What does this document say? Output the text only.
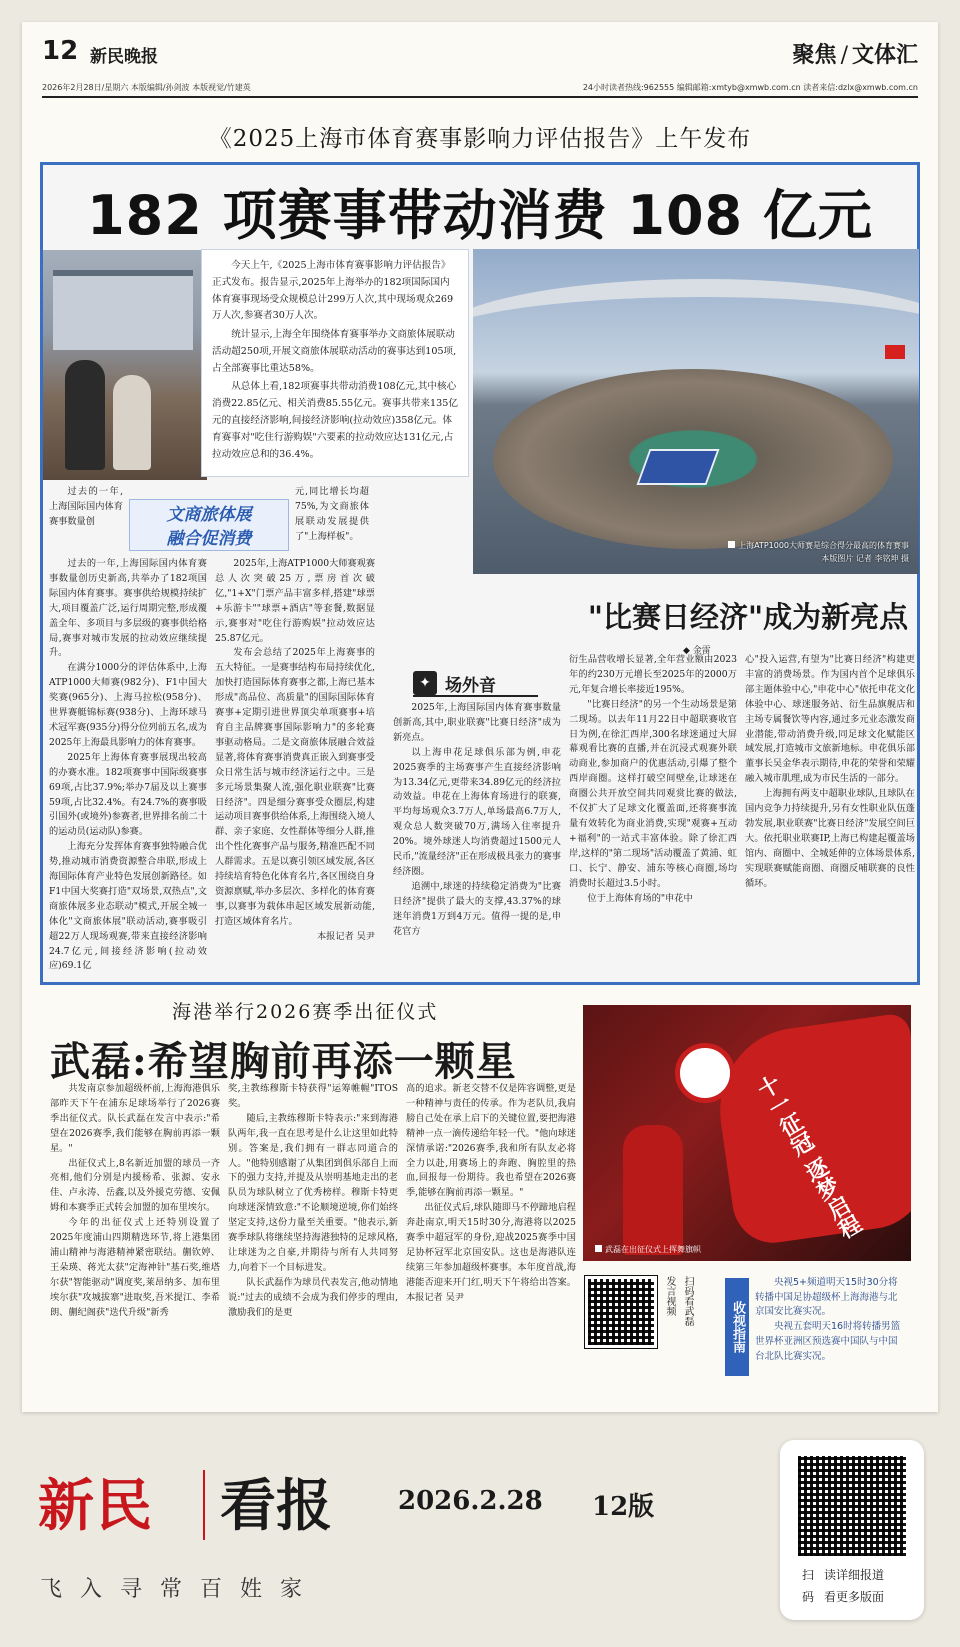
12 新民晚报	聚焦 / 文体汇
2026年2月28日/星期六 本版编辑/孙剑波 本版视觉/竹建英	24小时读者热线:962555 编辑邮箱:xmtyb@xmwb.com.cn 读者来信:dzlx@xmwb.com.cn
《2025上海市体育赛事影响力评估报告》上午发布
182 项赛事带动消费 108 亿元

今天上午,《2025上海市体育赛事影响力评估报告》正式发布。报告显示,2025年上海举办的182项国际国内体育赛事现场受众规模总计299万人次,其中现场观众269万人次,参赛者30万人次。

统计显示,上海全年围绕体育赛事举办文商旅体展联动活动超250项,开展文商旅体展联动活动的赛事达到105项,占全部赛事比重达58%。

从总体上看,182项赛事共带动消费108亿元,其中核心消费22.85亿元、相关消费85.55亿元。赛事共带来135亿元的直接经济影响,间接经济影响(拉动效应)358亿元。体育赛事对"吃住行游购娱"六要素的拉动效应达131亿元,占拉动效应总和的36.4%。

上海ATP1000大师赛是综合得分最高的体育赛事
本版图片 记者 李铭坤 摄
文商旅体展
融合促消费

过去的一年,上海国际国内体育赛事数量创

过去的一年,上海国际国内体育赛事数量创历史新高,共举办了182项国际国内体育赛事。赛事供给规模持续扩大,项目覆盖广泛,运行周期完整,形成覆盖全年、多项目与多层级的赛事供给格局,赛事对城市发展的拉动效应继续提升。

在满分1000分的评估体系中,上海ATP1000大师赛(982分)、F1中国大奖赛(965分)、上海马拉松(958分)、世界赛艇锦标赛(938分)、上海环球马术冠军赛(935分)得分位列前五名,成为2025年上海最具影响力的体育赛事。

2025年上海体育赛事展现出较高的办赛水准。182项赛事中国际级赛事69项,占比37.9%;举办7届及以上赛事59项,占比32.4%。有24.7%的赛事吸引国外(或境外)参赛者,世界排名前二十的运动员(运动队)参赛。

上海充分发挥体育赛事独特融合优势,推动城市消费资源整合串联,形成上海国际体育产业特色发展创新路径。如F1中国大奖赛打造"双场景,双热点",文商旅体展多业态联动"模式,开展全城一体化"文商旅体展"联动活动,赛事吸引超22万人现场观赛,带来直接经济影响24.7亿元,间接经济影响(拉动效应)69.1亿

元,同比增长均超75%,为文商旅体展联动发展提供了"上海样板"。

2025年,上海ATP1000大师赛观赛总人次突破25万,票房首次破亿,"1+X"门票产品丰富多样,搭建"球票+乐游卡""球票+酒店"等套餐,数据显示,赛事对"吃住行游购娱"拉动效应达25.87亿元。

发布会总结了2025年上海赛事的五大特征。一是赛事结构布局持续优化,加快打造国际体育赛事之都,上海已基本形成"高品位、高质量"的国际国际体育赛事+定期引进世界顶尖单项赛事+培育自主品牌赛事国际影响力"的多轮赛事驱动格局。二是文商旅体展融合效益显著,将体育赛事消费真正嵌入到赛事受众日常生活与城市经济运行之中。三是多元场景集聚人流,强化职业联赛"比赛日经济"。四是细分赛事受众圈层,构建运动项目赛事供给体系,上海围绕入境人群、亲子家庭、女性群体等细分人群,推出个性化赛事产品与服务,精准匹配不同人群需求。五是以赛引领区域发展,各区持续培育特色化体育名片,各区围绕自身资源禀赋,举办多层次、多样化的体育赛事,以赛事为载体串起区域发展新动能,打造区域体育名片。

本报记者 吴尹

"比赛日经济"成为新亮点
◆ 金雷
✦ 场外音

2025年,上海国际国内体育赛事数量创新高,其中,职业联赛"比赛日经济"成为新亮点。

以上海申花足球俱乐部为例,申花2025赛季的主场赛事产生直接经济影响为13.34亿元,更带来34.89亿元的经济拉动效益。申花在上海体育场进行的联赛,平均每场观众3.7万人,单场最高6.7万人,观众总人数突破70万,满场入住率提升20%。境外球迷人均消费超过1500元人民币,"流量经济"正在形成极具张力的赛事经济圈。

追溯中,球迷的持续稳定消费为"比赛日经济"提供了最大的支撑,43.37%的球迷年消费1万到4万元。值得一提的是,申花官方

衍生品营收增长显著,全年营业额由2023年的约230万元增长至2025年的2000万元,年复合增长率接近195%。

"比赛日经济"的另一个生动场景是第二现场。以去年11月22日中超联赛收官日为例,在徐汇西岸,300名球迷通过大屏幕观看比赛的直播,并在沉浸式观赛外联动商业,参加商户的优惠活动,引爆了整个西岸商圈。这样打破空间壁垒,让球迷在商圈公共开放空间共同观赏比赛的做法,不仅扩大了足球文化覆盖面,还将赛事流量有效转化为商业消费,实现"观赛+互动+福利"的一站式丰富体验。除了徐汇西岸,这样的"第二现场"活动覆盖了黄浦、虹口、长宁、静安、浦东等核心商圈,场均消费时长超过3.5小时。

位于上海体育场的"申花中

心"投入运营,有望为"比赛日经济"构建更丰富的消费场景。作为国内首个足球俱乐部主题体验中心,"申花中心"依托申花文化体验中心、球迷服务站、衍生品旗舰店和主场专属餐饮等内容,通过多元业态激发商业潜能,带动消费升级,同足球文化赋能区域发展,打造城市文旅新地标。申花俱乐部董事长吴金华表示期待,申花的荣誉和荣耀融入城市肌理,成为市民生活的一部分。

上海拥有两支中超职业球队,且球队在国内竞争力持续提升,另有女性职业队伍蓬勃发展,职业联赛"比赛日经济"发展空间巨大。依托职业联赛IP,上海已构建起覆盖场馆内、商圈中、全城延伸的立体场景体系,实现联赛赋能商圈、商圈反哺联赛的良性循环。

海港举行2026赛季出征仪式
武磊:希望胸前再添一颗星
十一征冠 逐梦启程
武磊在出征仪式上挥舞旗帜

共发南京参加超级杯前,上海海港俱乐部昨天下午在浦东足球场举行了2026赛季出征仪式。队长武磊在发言中表示:"希望在2026赛季,我们能够在胸前再添一颗星。"

出征仪式上,8名新近加盟的球员一齐亮相,他们分别是内援杨希、张源、安永佳、卢永涛、岳鑫,以及外援克劳德、安佩姆和本赛季正式转会加盟的加布里埃尔。

今年的出征仪式上还特别设置了2025年度浦山四期精选环节,将上港集团浦山精神与海港精神紧密联结。蒯钦婷、王朵瑛、蒋光太获"定海神针"基石奖,维塔尔获"智能驱动"调度奖,莱昂纳多、加布里埃尔获"攻城拔寨"进取奖,吾米提江、李希朗、蒯纪阁获"迭代升级"新秀

奖,主教练穆斯卡特获得"运筹帷幄"ITOS奖。

随后,主教练穆斯卡特表示:"来到海港队两年,我一直在思考是什么让这里如此特别。答案是,我们拥有一群志同道合的人。"他特别感谢了从集团到俱乐部自上而下的强力支持,并提及从崇明基地走出的老队员为球队树立了优秀榜样。穆斯卡特更向球迷深情致意:"不论顺境逆境,你们始终坚定支持,这份力量至关重要。"他表示,新赛季球队将继续坚持海港独特的足球风格,让球迷为之自豪,并期待与所有人共同努力,向着下一个目标进发。

队长武磊作为球员代表发言,他动情地说:"过去的成绩不会成为我们停步的理由,激励我们的是更

高的追求。新老交替不仅是阵容调整,更是一种精神与责任的传承。作为老队员,我肩膀自己处在承上启下的关键位置,要把海港精神一点一滴传递给年轻一代。"他向球迷深情承诺:"2026赛季,我和所有队友必将全力以赴,用赛场上的奔跑、胸腔里的热血,回报每一份期待。我也希望在2026赛季,能够在胸前再添一颗星。"

出征仪式后,球队随即马不停蹄地启程奔赴南京,明天15时30分,海港将以2025赛季中超冠军的身份,迎战2025赛季中国足协杯冠军北京国安队。这也是海港队连续第三年参加超级杯赛事。本年度首战,海港能否迎来开门红,明天下午将给出答案。 本报记者 吴尹	发言视频 扫码看武磊	收视指南

央视5+频道明天15时30分将转播中国足协超级杯上海海港与北京国安比赛实况。

央视五套明天16时将转播男篮世界杯亚洲区预选赛中国队与中国台北队比赛实况。

新民 看报	2026.2.28 12版
飞入寻常百姓家
扫 读详细报道
码 看更多版面
